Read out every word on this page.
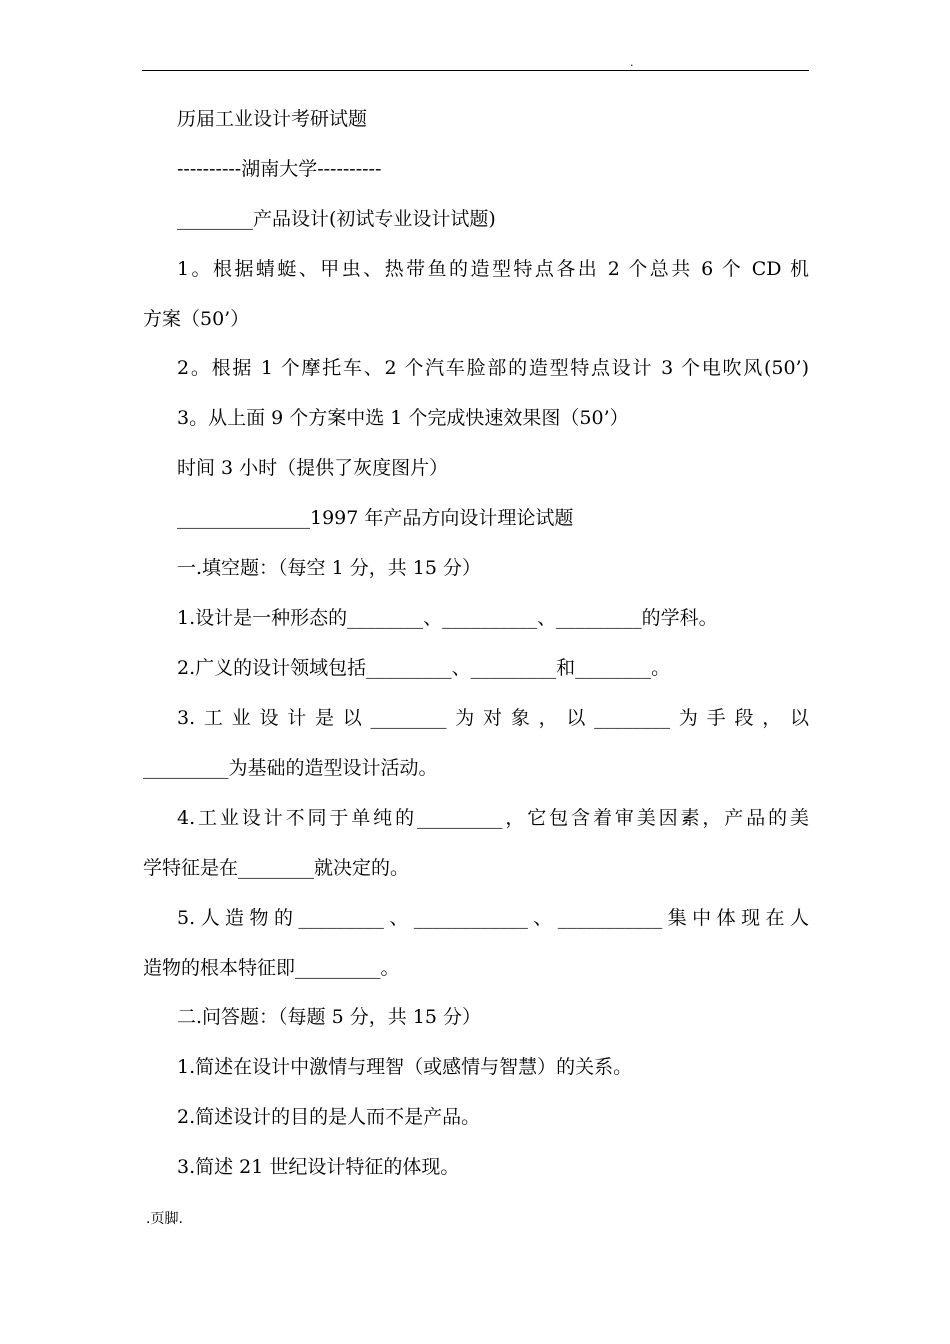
.
历届工业设计考研试题
----------湖南大学----------
________产品设计(初试专业设计试题)
1。根据蜻蜓、甲虫、热带鱼的造型特点各出 2 个总共 6 个 CD 机
方案（50’）
2。根据 1 个摩托车、2 个汽车脸部的造型特点设计 3 个电吹风(50’)
3。从上面 9 个方案中选 1 个完成快速效果图（50’）
时间 3 小时（提供了灰度图片）
______________1997 年产品方向设计理论试题
一.填空题：（每空 1 分，共 15 分）
1.设计是一种形态的________、__________、_________的学科。
2.广义的设计领域包括_________、_________和________。
3.工业设计是以________为对象，以________为手段，以
_________为基础的造型设计活动。
4.工业设计不同于单纯的_________，它包含着审美因素，产品的美
学特征是在________就决定的。
5.人造物的_________、____________、___________集中体现在人
造物的根本特征即_________。
二.问答题：（每题 5 分，共 15 分）
1.简述在设计中激情与理智（或感情与智慧）的关系。
2.简述设计的目的是人而不是产品。
3.简述 21 世纪设计特征的体现。
.页脚.
